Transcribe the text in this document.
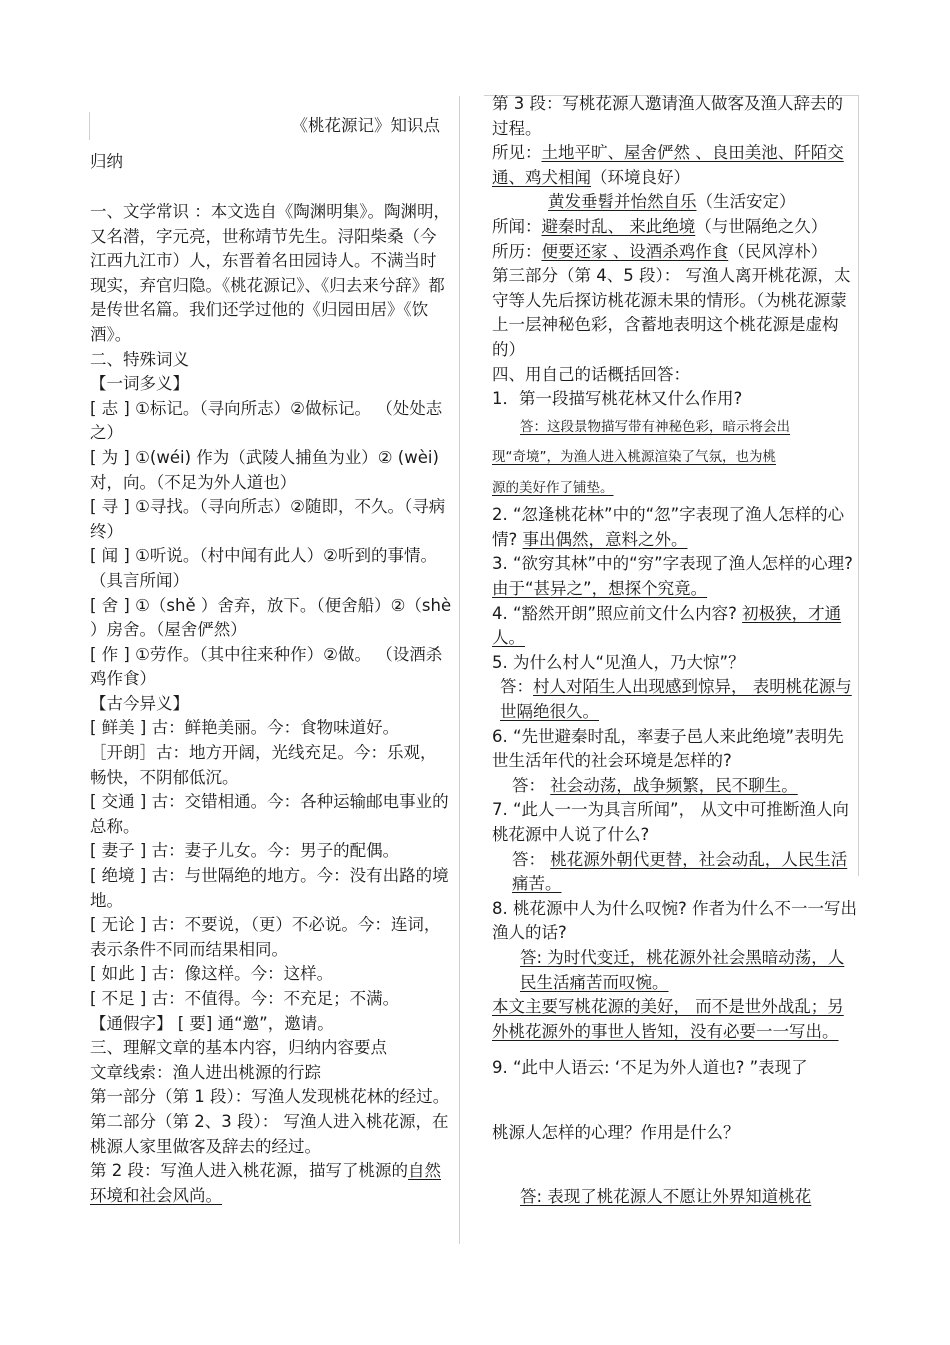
《桃花源记》知识点

归纳

一、文学常识 ：本文选自《陶渊明集》。陶渊明，又名潜，字元亮，世称靖节先生。浔阳柴桑（今江西九江市）人，东晋着名田园诗人。不满当时现实，弃官归隐。《桃花源记》、《归去来兮辞》都是传世名篇。我们还学过他的《归园田居》《饮酒》。

二、特殊词义

【一词多义】

[ 志 ] ①标记。（寻向所志）②做标记。 （处处志之）

[ 为 ] ①(wéi) 作为（武陵人捕鱼为业）② (wèi) 对，向。（不足为外人道也）

[ 寻 ] ①寻找。（寻向所志）②随即，不久。（寻病终）

[ 闻 ] ①听说。（村中闻有此人）②听到的事情。（具言所闻）

[ 舍 ] ①（shě ）舍弃，放下。（便舍船）②（shè ）房舍。（屋舍俨然）

[ 作 ] ①劳作。（其中往来种作）②做。 （设酒杀鸡作食）

【古今异义】

[ 鲜美 ] 古：鲜艳美丽。今：食物味道好。

［开朗］古：地方开阔，光线充足。今：乐观，畅快，不阴郁低沉。

[ 交通 ] 古：交错相通。今：各种运输邮电事业的总称。

[ 妻子 ] 古：妻子儿女。今：男子的配偶。

[ 绝境 ] 古：与世隔绝的地方。今：没有出路的境地。

[ 无论 ] 古：不要说，（更）不必说。今：连词，表示条件不同而结果相同。

[ 如此 ] 古：像这样。今：这样。

[ 不足 ] 古：不值得。今：不充足；不满。

【通假字】 [ 要] 通“邀”，邀请。

三、理解文章的基本内容，归纳内容要点

文章线索：渔人进出桃源的行踪

第一部分（第 1 段）：写渔人发现桃花林的经过。

第二部分（第 2、3 段）： 写渔人进入桃花源，在桃源人家里做客及辞去的经过。

第 2 段：写渔人进入桃花源，描写了桃源的自然环境和社会风尚。

第 3 段：写桃花源人邀请渔人做客及渔人辞去的过程。

所见：土地平旷、屋舍俨然 、良田美池、阡陌交通、鸡犬相闻（环境良好）

黄发垂髫并怡然自乐（生活安定）

所闻：避秦时乱、 来此绝境（与世隔绝之久）

所历：便要还家 、设酒杀鸡作食（民风淳朴）

第三部分（第 4、5 段）： 写渔人离开桃花源，太守等人先后探访桃花源未果的情形。（为桃花源蒙上一层神秘色彩，含蓄地表明这个桃花源是虚构的）

四、用自己的话概括回答：

1．第一段描写桃花林又什么作用?

答：这段景物描写带有神秘色彩，暗示将会出

现“奇境”，为渔人进入桃源渲染了气氛，也为桃

源的美好作了铺垫。

2. “忽逢桃花林”中的“忽”字表现了渔人怎样的心情? 事出偶然，意料之外。

3. “欲穷其林”中的“穷”字表现了渔人怎样的心理? 由于“甚异之”，想探个究竟。

4. “豁然开朗”照应前文什么内容? 初极狭，才通人。

5. 为什么村人“见渔人，乃大惊”？

答：村人对陌生人出现感到惊异， 表明桃花源与世隔绝很久。

6. “先世避秦时乱，率妻子邑人来此绝境”表明先世生活年代的社会环境是怎样的?

答： 社会动荡，战争频繁，民不聊生。

7. “此人一一为具言所闻”， 从文中可推断渔人向桃花源中人说了什么?

答： 桃花源外朝代更替，社会动乱，人民生活痛苦。

8. 桃花源中人为什么叹惋? 作者为什么不一一写出渔人的话?

答: 为时代变迁，桃花源外社会黑暗动荡，人民生活痛苦而叹惋。

本文主要写桃花源的美好， 而不是世外战乱；另外桃花源外的事世人皆知，没有必要一一写出。

9. “此中人语云: ‘不足为外人道也? ”表现了

桃源人怎样的心理？作用是什么？

答: 表现了桃花源人不愿让外界知道桃花
